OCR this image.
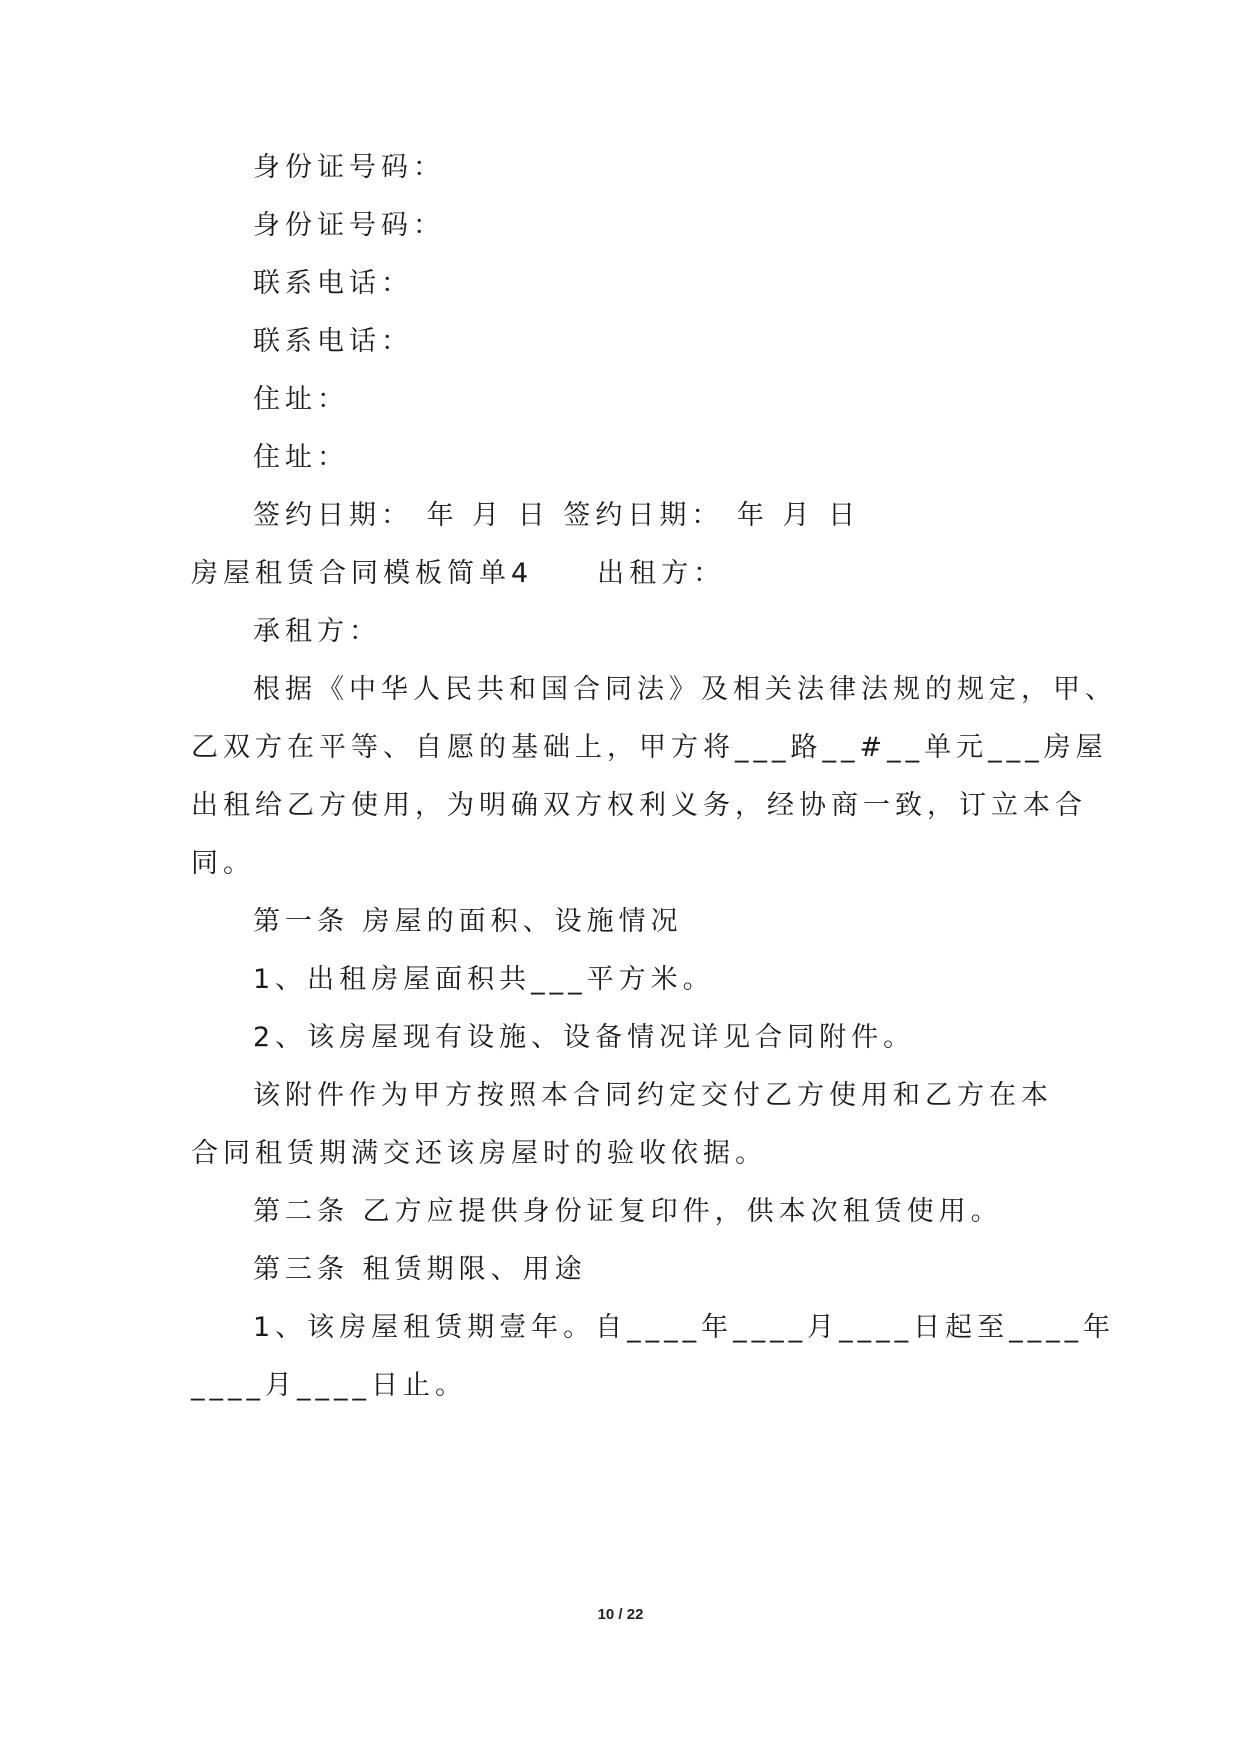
身份证号码：
身份证号码：
联系电话：
联系电话：
住址：
住址：
签约日期： 年 月 日 签约日期： 年 月 日
房屋租赁合同模板简单4　　出租方：
承租方：
根据《中华人民共和国合同法》及相关法律法规的规定，甲、
乙双方在平等、自愿的基础上，甲方将___路__#__单元___房屋
出租给乙方使用，为明确双方权利义务，经协商一致，订立本合
同。
第一条 房屋的面积、设施情况
1、出租房屋面积共___平方米。
2、该房屋现有设施、设备情况详见合同附件。
该附件作为甲方按照本合同约定交付乙方使用和乙方在本
合同租赁期满交还该房屋时的验收依据。
第二条 乙方应提供身份证复印件，供本次租赁使用。
第三条 租赁期限、用途
1、该房屋租赁期壹年。自____年____月____日起至____年
____月____日止。
10 / 22
